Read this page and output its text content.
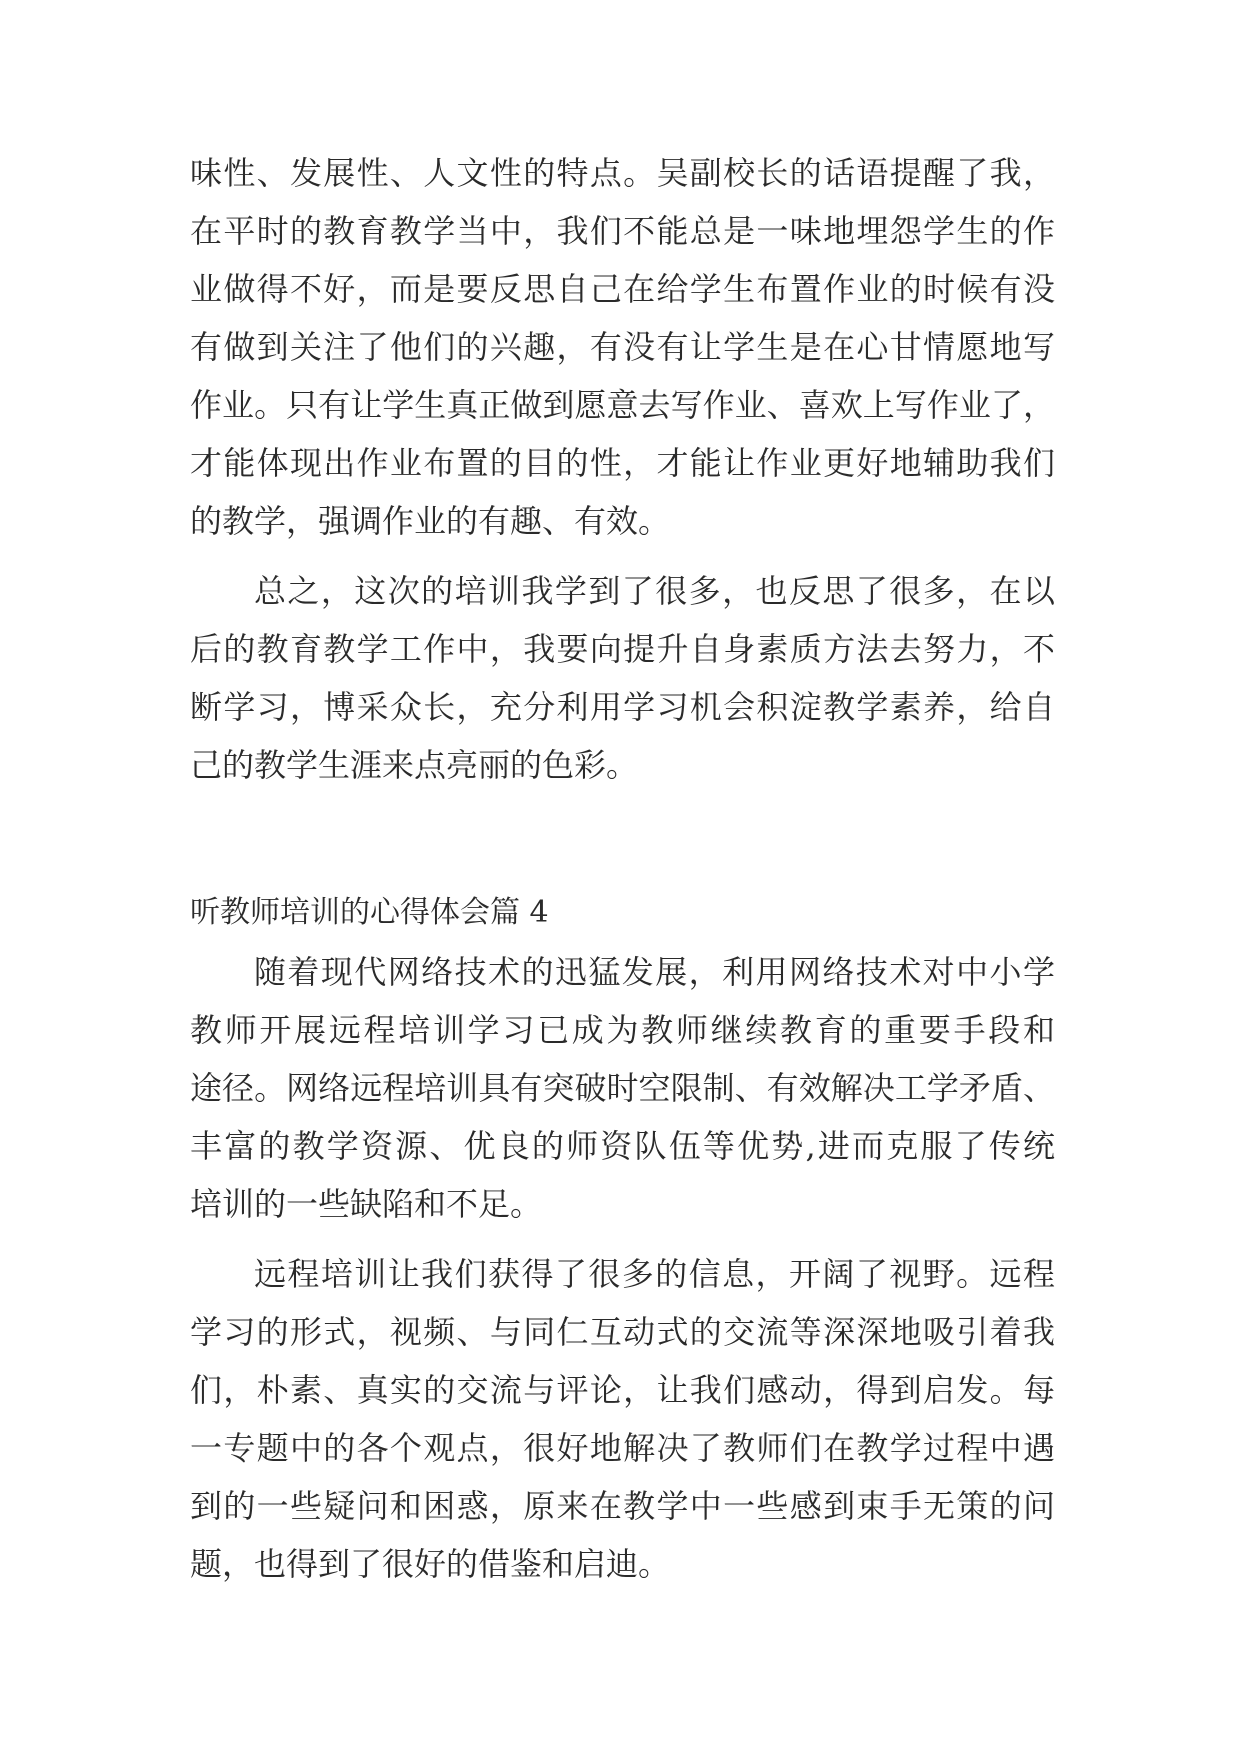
味性、发展性、人文性的特点。吴副校长的话语提醒了我，
在平时的教育教学当中，我们不能总是一味地埋怨学生的作
业做得不好，而是要反思自己在给学生布置作业的时候有没
有做到关注了他们的兴趣，有没有让学生是在心甘情愿地写
作业。只有让学生真正做到愿意去写作业、喜欢上写作业了，
才能体现出作业布置的目的性，才能让作业更好地辅助我们
的教学，强调作业的有趣、有效。
总之，这次的培训我学到了很多，也反思了很多，在以
后的教育教学工作中，我要向提升自身素质方法去努力，不
断学习，博采众长，充分利用学习机会积淀教学素养，给自
己的教学生涯来点亮丽的色彩。
听教师培训的心得体会篇 4
随着现代网络技术的迅猛发展，利用网络技术对中小学
教师开展远程培训学习已成为教师继续教育的重要手段和
途径。网络远程培训具有突破时空限制、有效解决工学矛盾、
丰富的教学资源、优良的师资队伍等优势,进而克服了传统
培训的一些缺陷和不足。
远程培训让我们获得了很多的信息，开阔了视野。远程
学习的形式，视频、与同仁互动式的交流等深深地吸引着我
们，朴素、真实的交流与评论，让我们感动，得到启发。每
一专题中的各个观点，很好地解决了教师们在教学过程中遇
到的一些疑问和困惑，原来在教学中一些感到束手无策的问
题，也得到了很好的借鉴和启迪。
